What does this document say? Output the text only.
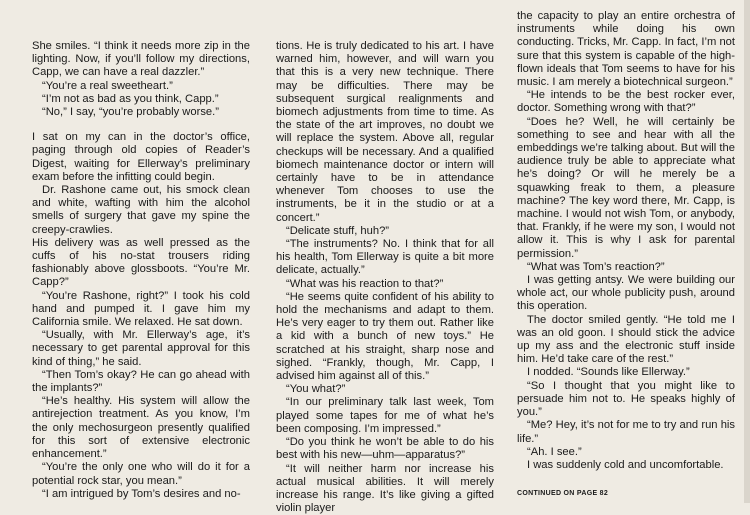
She smiles. “I think it needs more zip in the lighting. Now, if you’ll follow my directions, Capp, we can have a real dazzler.”

“You’re a real sweetheart.”

“I’m not as bad as you think, Capp.”

“No,” I say, “you’re probably worse.”

I sat on my can in the doctor’s office, paging through old copies of Reader’s Digest, waiting for Ellerway’s preliminary exam before the infitting could begin.

Dr. Rashone came out, his smock clean and white, wafting with him the alcohol smells of surgery that gave my spine the creepy-crawlies.

His delivery was as well pressed as the cuffs of his no-stat trousers riding fashionably above glossboots. “You’re Mr. Capp?”

“You’re Rashone, right?” I took his cold hand and pumped it. I gave him my California smile. We relaxed. He sat down.

“Usually, with Mr. Ellerway’s age, it’s necessary to get parental approval for this kind of thing,” he said.

“Then Tom’s okay? He can go ahead with the implants?”

“He’s healthy. His system will allow the antirejection treatment. As you know, I’m the only mechosurgeon presently qualified for this sort of extensive electronic enhancement.”

“You’re the only one who will do it for a potential rock star, you mean.”

“I am intrigued by Tom’s desires and no-

tions. He is truly dedicated to his art. I have warned him, however, and will warn you that this is a very new technique. There may be difficulties. There may be subsequent surgical realignments and biomech adjustments from time to time. As the state of the art improves, no doubt we will replace the system. Above all, regular checkups will be necessary. And a qualified biomech maintenance doctor or intern will certainly have to be in attendance whenever Tom chooses to use the instruments, be it in the studio or at a concert.”

“Delicate stuff, huh?”

“The instruments? No. I think that for all his health, Tom Ellerway is quite a bit more delicate, actually.”

“What was his reaction to that?”

“He seems quite confident of his ability to hold the mechanisms and adapt to them. He’s very eager to try them out. Rather like a kid with a bunch of new toys.” He scratched at his straight, sharp nose and sighed. “Frankly, though, Mr. Capp, I advised him against all of this.”

“You what?”

“In our preliminary talk last week, Tom played some tapes for me of what he’s been composing. I’m impressed.”

“Do you think he won’t be able to do his best with his new—uhm—apparatus?”

“It will neither harm nor increase his actual musical abilities. It will merely increase his range. It’s like giving a gifted violin player

the capacity to play an entire orchestra of instruments while doing his own conducting. Tricks, Mr. Capp. In fact, I’m not sure that this system is capable of the high-flown ideals that Tom seems to have for his music. I am merely a biotechnical surgeon.”

“He intends to be the best rocker ever, doctor. Something wrong with that?”

“Does he? Well, he will certainly be something to see and hear with all the embeddings we’re talking about. But will the audience truly be able to appreciate what he’s doing? Or will he merely be a squawking freak to them, a pleasure machine? The key word there, Mr. Capp, is machine. I would not wish Tom, or anybody, that. Frankly, if he were my son, I would not allow it. This is why I ask for parental permission.”

“What was Tom’s reaction?”

I was getting antsy. We were building our whole act, our whole publicity push, around this operation.

The doctor smiled gently. “He told me I was an old goon. I should stick the advice up my ass and the electronic stuff inside him. He’d take care of the rest.”

I nodded. “Sounds like Ellerway.”

“So I thought that you might like to persuade him not to. He speaks highly of you.”

“Me? Hey, it’s not for me to try and run his life.”

“Ah. I see.”

I was suddenly cold and uncomfortable.

CONTINUED ON PAGE 82
